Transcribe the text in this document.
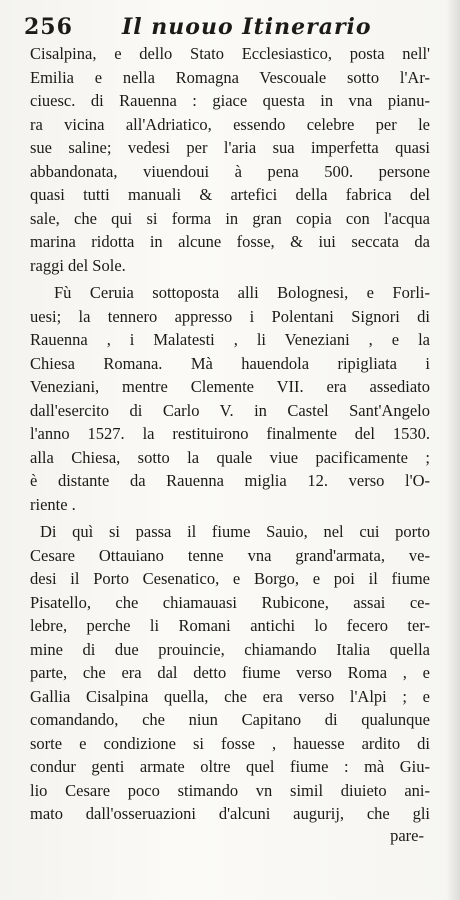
256 Il nuouo Itinerario
Cisalpina, e dello Stato Ecclesiastico, posta nell'
Emilia e nella Romagna Vescouale sotto l'Ar-
ciuesc. di Rauenna : giace questa in vna pianu-
ra vicina all'Adriatico, essendo celebre per le
sue saline; vedesi per l'aria sua imperfetta quasi
abbandonata, viuendoui à pena 500. persone
quasi tutti manuali & artefici della fabrica del
sale, che qui si forma in gran copia con l'acqua
marina ridotta in alcune fosse, & iui seccata da
raggi del Sole.
Fù Ceruia sottoposta alli Bolognesi, e Forli-
uesi; la tennero appresso i Polentani Signori di
Rauenna , i Malatesti , li Veneziani , e la
Chiesa Romana. Mà hauendola ripigliata i
Veneziani, mentre Clemente VII. era assediato
dall'esercito di Carlo V. in Castel Sant'Angelo
l'anno 1527. la restituirono finalmente del 1530.
alla Chiesa, sotto la quale viue pacificamente ;
è distante da Rauenna miglia 12. verso l'O-
riente .
Di quì si passa il fiume Sauio, nel cui porto
Cesare Ottauiano tenne vna grand'armata, ve-
desi il Porto Cesenatico, e Borgo, e poi il fiume
Pisatello, che chiamauasi Rubicone, assai ce-
lebre, perche li Romani antichi lo fecero ter-
mine di due prouincie, chiamando Italia quella
parte, che era dal detto fiume verso Roma , e
Gallia Cisalpina quella, che era verso l'Alpi ; e
comandando, che niun Capitano di qualunque
sorte e condizione si fosse , hauesse ardito di
condur genti armate oltre quel fiume : mà Giu-
lio Cesare poco stimando vn simil diuieto ani-
mato dall'osseruazioni d'alcuni augurij, che gli
pare-
